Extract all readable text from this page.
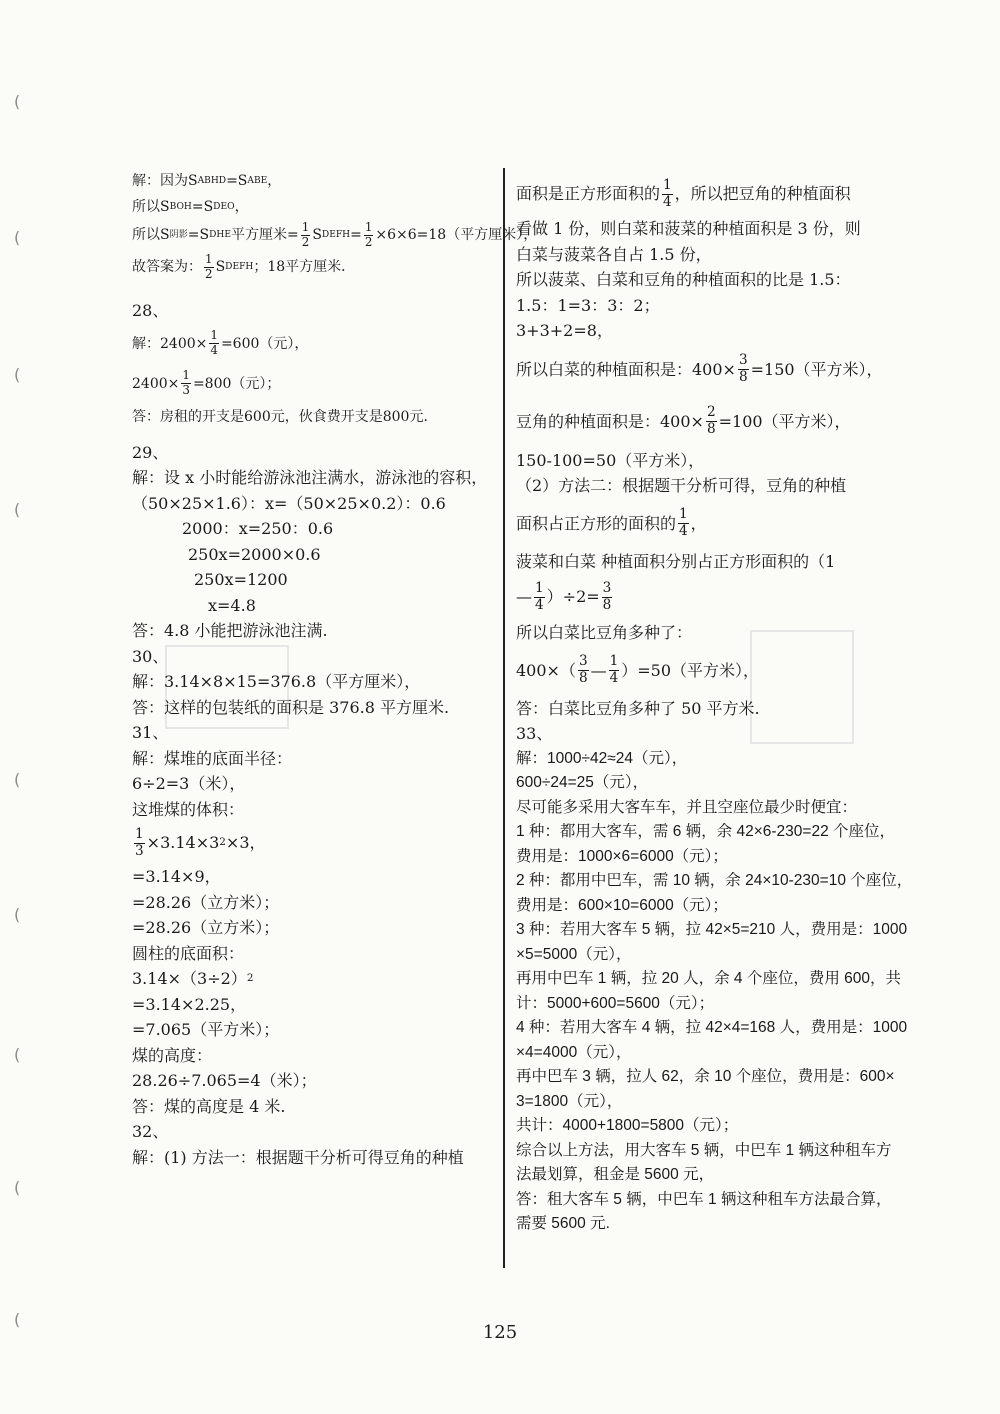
(
(
(
(
(
(
(
(
(
解：因为S ABHD =S ABE ，
所以S BOH =S DEO ，
所以S 阴影 =S DHE 平方厘米= $\frac{1}{2}$ S DEFH = $\frac{1}{2} \times 6\times 6=18$（平方厘米），
故答案为： $\frac{1}{2}$ S DEFH ；18平方厘米．
28、
解：$2400\times \frac{1}{4} =600$（元），
$2400\times \frac{1}{3} =800$（元）；
答：房租的开支是600元，伙食费开支是800元．
29、
解：设 x 小时能给游泳池注满水，游泳池的容积，
（50×25×1.6）：x=（50×25×0.2）：0.6
2000：x=250：0.6
250x=2000×0.6
250x=1200
x=4.8
答：4.8 小能把游泳池注满.
30、
解：3.14×8×15=376.8（平方厘米），
答：这样的包装纸的面积是 376.8 平方厘米.
31、
解：煤堆的底面半径：
6÷2=3（米），
这堆煤的体积：
$\frac{1}{3} \times 3.14\times 3$ 2 ×3，
=3.14×9，
=28.26（立方米）；
=28.26（立方米）；
圆柱的底面积：
3.14×（3÷2） 2
=3.14×2.25，
=7.065（平方米）；
煤的高度：
28.26÷7.065=4（米）；
答：煤的高度是 4 米.
32、
解：(1) 方法一：根据题干分析可得豆角的种植
面积是正方形面积的 $\frac{1}{4}$ ，所以把豆角的种植面积
看做 1 份，则白菜和菠菜的种植面积是 3 份，则
白菜与菠菜各自占 1.5 份，
所以菠菜、白菜和豆角的种植面积的比是 1.5：
1.5：1=3：3：2；
3+3+2=8，
所以白菜的种植面积是：$400\times \frac{3}{8} =150$（平方米），
豆角的种植面积是：$400\times \frac{2}{8} =100$（平方米），
150-100=50（平方米），
（2）方法二：根据题干分析可得，豆角的种植
面积占正方形的面积的 $\frac{1}{4}$ ，
菠菜和白菜 种植面积分别占正方形面积的（1
— $\frac{1}{4} )\div 2= \frac{3}{8}$
所以白菜比豆角多种了：
$400\times( \frac{3}{8}$ — $\frac{1}{4} )=50$（平方米），
答：白菜比豆角多种了 50 平方米.
33、
解：1000÷42≈24（元），
600÷24=25（元），
尽可能多采用大客车车，并且空座位最少时便宜：
1 种：都用大客车，需 6 辆，余 42×6-230=22 个座位，
费用是：1000×6=6000（元）；
2 种：都用中巴车，需 10 辆，余 24×10-230=10 个座位，
费用是：600×10=6000（元）；
3 种：若用大客车 5 辆，拉 42×5=210 人，费用是：1000
×5=5000（元），
再用中巴车 1 辆，拉 20 人，余 4 个座位，费用 600，共
计：5000+600=5600（元）；
4 种：若用大客车 4 辆，拉 42×4=168 人，费用是：1000
×4=4000（元），
再中巴车 3 辆，拉人 62，余 10 个座位，费用是：600×
3=1800（元），
共计：4000+1800=5800（元）；
综合以上方法，用大客车 5 辆，中巴车 1 辆这种租车方
法最划算，租金是 5600 元，
答：租大客车 5 辆，中巴车 1 辆这种租车方法最合算，
需要 5600 元.
125
